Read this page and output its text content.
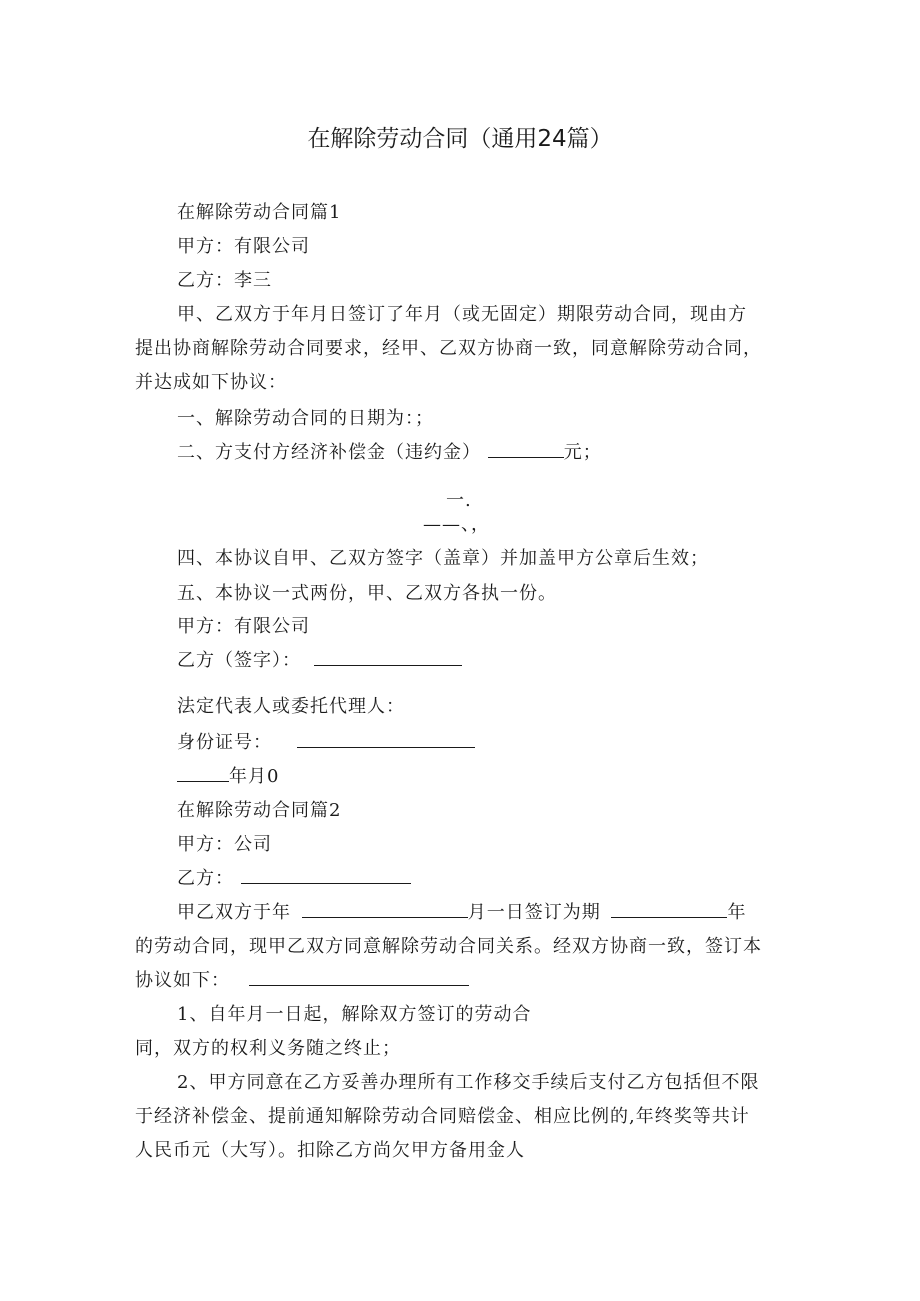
在解除劳动合同（通用24篇）
在解除劳动合同篇1
甲方：有限公司
乙方：李三
甲、乙双方于年月日签订了年月（或无固定）期限劳动合同，现由方
提出协商解除劳动合同要求，经甲、乙双方协商一致，同意解除劳动合同，
并达成如下协议：
一、解除劳动合同的日期为：；
二、方支付方经济补偿金（违约金）	元；
一.
——、，
四、本协议自甲、乙双方签字（盖章）并加盖甲方公章后生效；
五、本协议一式两份，甲、乙双方各执一份。
甲方：有限公司
乙方（签字）：
法定代表人或委托代理人：
身份证号：
年月0
在解除劳动合同篇2
甲方：公司
乙方：
甲乙双方于年	月一日签订为期	年
的劳动合同，现甲乙双方同意解除劳动合同关系。经双方协商一致，签订本
协议如下：
1、自年月一日起，解除双方签订的劳动合
同，双方的权利义务随之终止；
2、甲方同意在乙方妥善办理所有工作移交手续后支付乙方包括但不限
于经济补偿金、提前通知解除劳动合同赔偿金、相应比例的,年终奖等共计
人民币元（大写）。扣除乙方尚欠甲方备用金人
